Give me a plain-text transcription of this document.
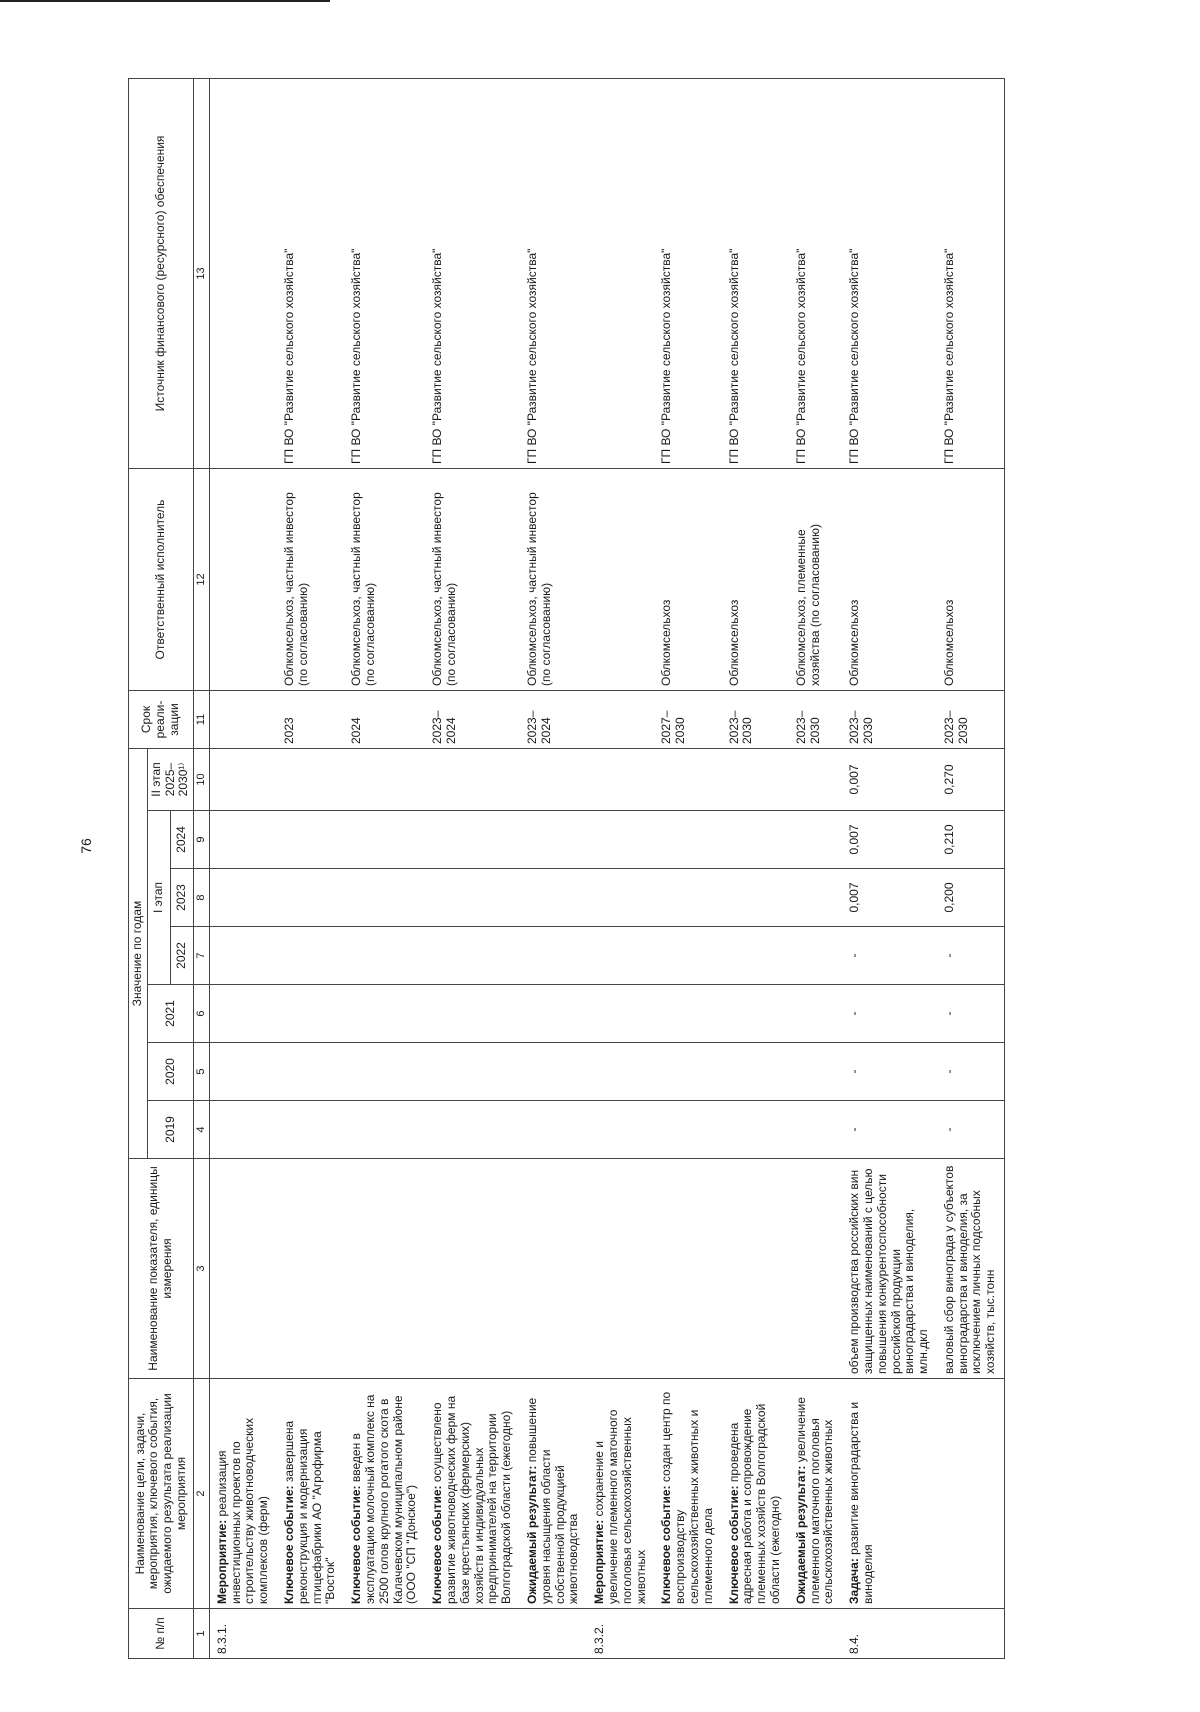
76
№ п/п	Наименование цели, задачи, мероприятия, ключевого события, ожидаемого результата реализации мероприятия	Наименование показателя, единицы измерения	Значение по годам							Срок реали-зации	Ответственный исполнитель	Источник финансового (ресурсного) обеспечения
			2019	2020	2021	I этап			II этап 2025–2030¹⁾			
						2022	2023	2024				
1	2	3	4	5	6	7	8	9	10	11	12	13
8.3.1.	Мероприятие: реализация инвестиционных проектов по строительству животноводческих комплексов (ферм)											
	Ключевое событие: завершена реконструкция и модернизация птицефабрики АО "Агрофирма "Восток"									2023	Облкомсельхоз, частный инвестор (по согласованию)	ГП ВО "Развитие сельского хозяйства"
	Ключевое событие: введен в эксплуатацию молочный комплекс на 2500 голов крупного рогатого скота в Калачевском муниципальном районе (ООО "СП "Донское")									2024	Облкомсельхоз, частный инвестор (по согласованию)	ГП ВО "Развитие сельского хозяйства"
	Ключевое событие: осуществлено развитие животноводческих ферм на базе крестьянских (фермерских) хозяйств и индивидуальных предпринимателей на территории Волгоградской области (ежегодно)									2023–2024	Облкомсельхоз, частный инвестор (по согласованию)	ГП ВО "Развитие сельского хозяйства"
	Ожидаемый результат: повышение уровня насыщения области собственной продукцией животноводства									2023–2024	Облкомсельхоз, частный инвестор (по согласованию)	ГП ВО "Развитие сельского хозяйства"
8.3.2.	Мероприятие: сохранение и увеличение племенного маточного поголовья сельскохозяйственных животных											
	Ключевое событие: создан центр по воспроизводству сельскохозяйственных животных и племенного дела									2027–2030	Облкомсельхоз	ГП ВО "Развитие сельского хозяйства"
	Ключевое событие: проведена адресная работа и сопровождение племенных хозяйств Волгоградской области (ежегодно)									2023–2030	Облкомсельхоз	ГП ВО "Развитие сельского хозяйства"
	Ожидаемый результат: увеличение племенного маточного поголовья сельскохозяйственных животных									2023–2030	Облкомсельхоз, племенные хозяйства (по согласованию)	ГП ВО "Развитие сельского хозяйства"
8.4.	Задача: развитие виноградарства и виноделия	объем производства российских вин защищенных наименований с целью повышения конкурентоспособности российской продукции виноградарства и виноделия, млн.дкл	-	-	-	-	0,007	0,007	0,007	2023–2030	Облкомсельхоз	ГП ВО "Развитие сельского хозяйства"
		валовый сбор винограда у субъектов виноградарства и виноделия, за исключением личных подсобных хозяйств, тыс.тонн	-	-	-	-	0,200	0,210	0,270	2023–2030	Облкомсельхоз	ГП ВО "Развитие сельского хозяйства"
